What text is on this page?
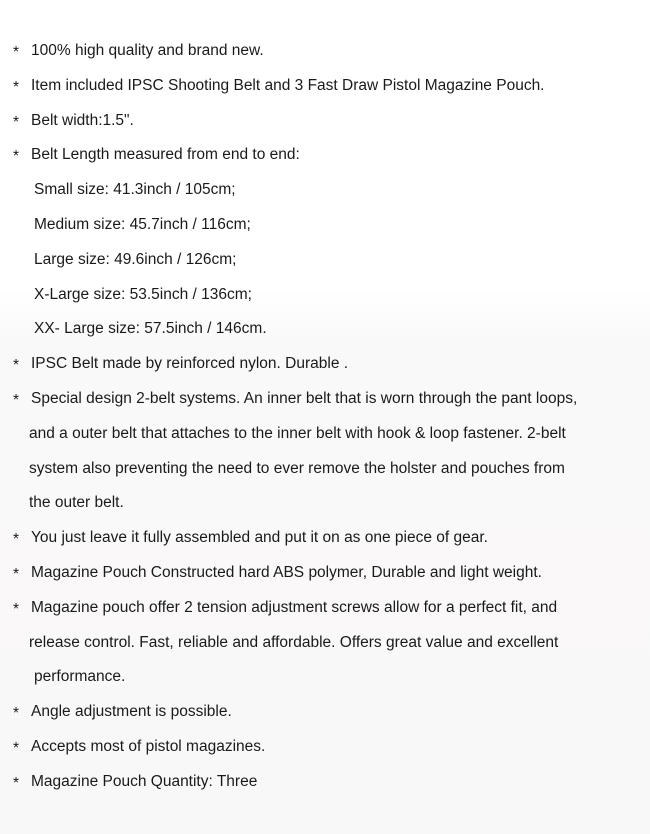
* 100% high quality and brand new.
* Item included IPSC Shooting Belt and 3 Fast Draw Pistol Magazine Pouch.
* Belt width:1.5".
* Belt Length measured from end to end:
Small size: 41.3inch / 105cm;
Medium size: 45.7inch / 116cm;
Large size: 49.6inch / 126cm;
X-Large size: 53.5inch / 136cm;
XX- Large size: 57.5inch / 146cm.
* IPSC Belt made by reinforced nylon. Durable .
* Special design 2-belt systems. An inner belt that is worn through the pant loops,
and a outer belt that attaches to the inner belt with hook & loop fastener. 2-belt
system also preventing the need to ever remove the holster and pouches from
the outer belt.
* You just leave it fully assembled and put it on as one piece of gear.
* Magazine Pouch Constructed hard ABS polymer, Durable and light weight.
* Magazine pouch offer 2 tension adjustment screws allow for a perfect fit, and
release control. Fast, reliable and affordable. Offers great value and excellent
performance.
* Angle adjustment is possible.
* Accepts most of pistol magazines.
* Magazine Pouch Quantity: Three
